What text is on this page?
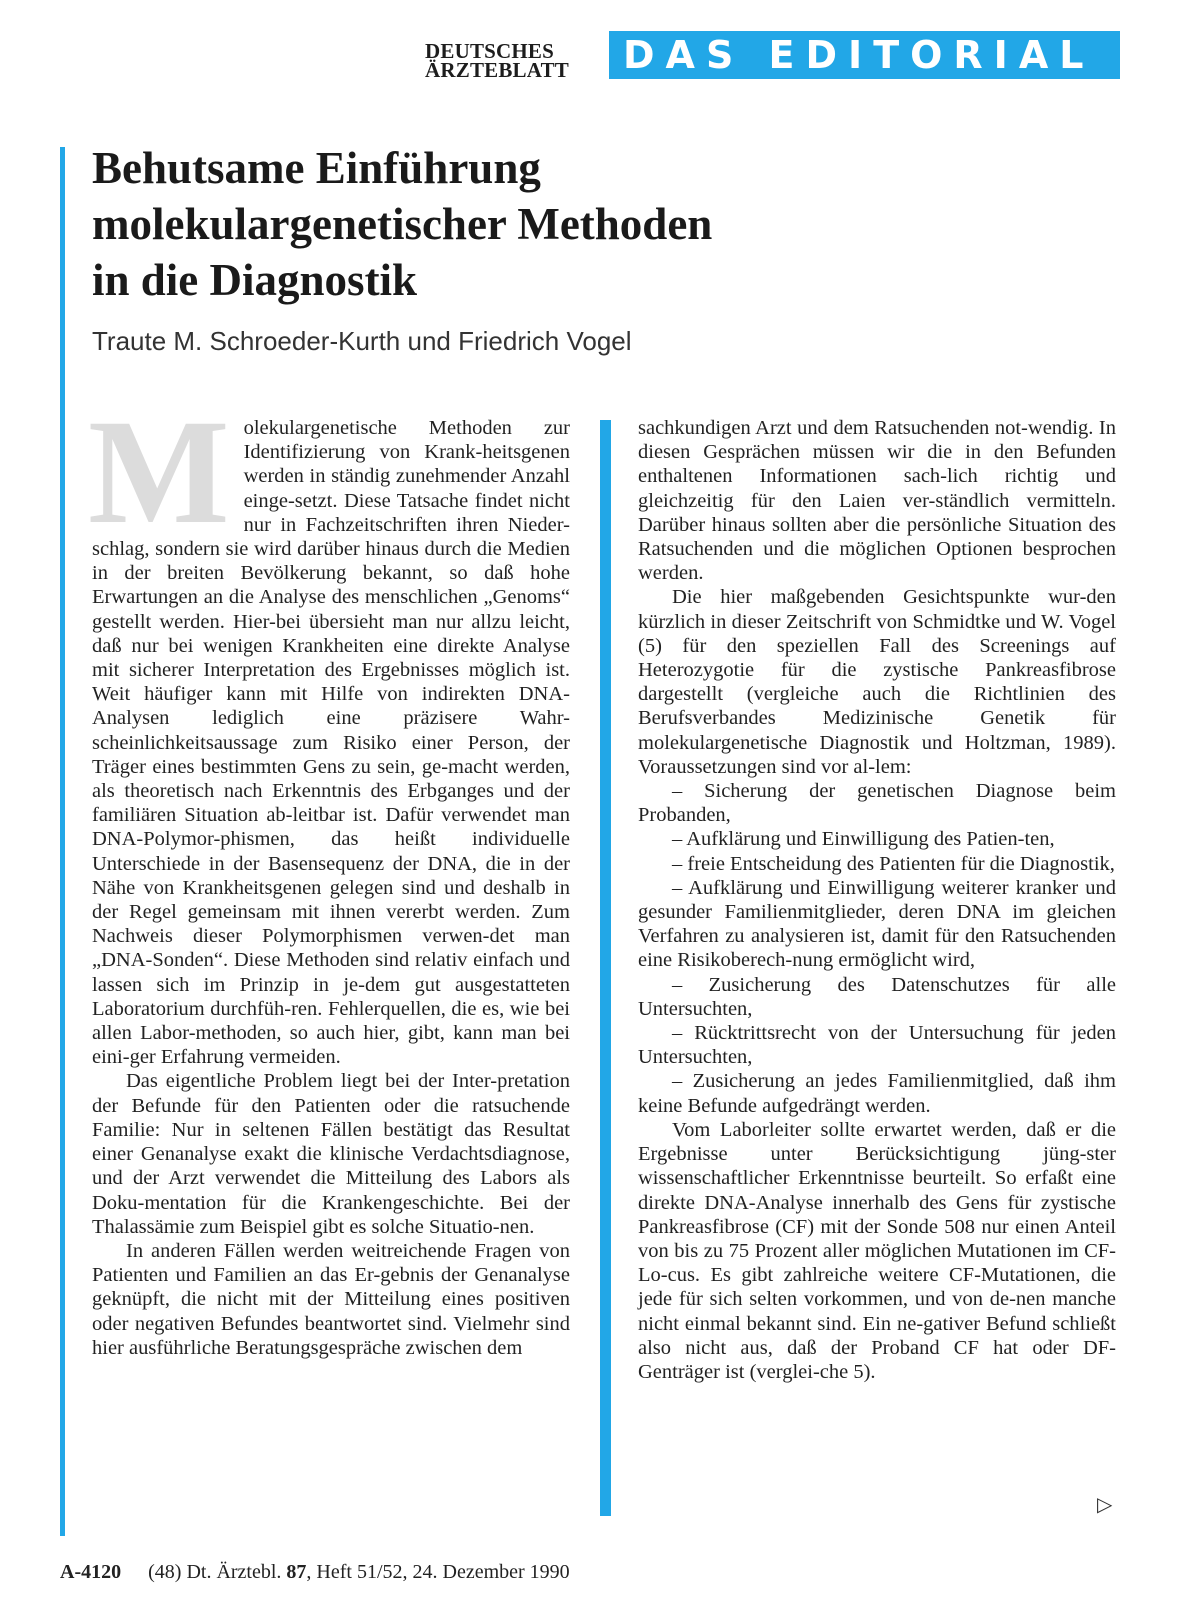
DEUTSCHES
ÄRZTEBLATT	DAS EDITORIAL
Behutsame Einführung
molekulargenetischer Methoden
in die Diagnostik
Traute M. Schroeder-Kurth und Friedrich Vogel

Molekulargenetische Methoden zur Identifizierung von Krank-heitsgenen werden in ständig zunehmender Anzahl einge-setzt. Diese Tatsache findet nicht nur in Fachzeitschriften ihren Nieder-schlag, sondern sie wird darüber hinaus durch die Medien in der breiten Bevölkerung bekannt, so daß hohe Erwartungen an die Analyse des menschlichen „Genoms“ gestellt werden. Hier-bei übersieht man nur allzu leicht, daß nur bei wenigen Krankheiten eine direkte Analyse mit sicherer Interpretation des Ergebnisses möglich ist. Weit häufiger kann mit Hilfe von indirekten DNA-Analysen lediglich eine präzisere Wahr-scheinlichkeitsaussage zum Risiko einer Person, der Träger eines bestimmten Gens zu sein, ge-macht werden, als theoretisch nach Erkenntnis des Erbganges und der familiären Situation ab-leitbar ist. Dafür verwendet man DNA-Polymor-phismen, das heißt individuelle Unterschiede in der Basensequenz der DNA, die in der Nähe von Krankheitsgenen gelegen sind und deshalb in der Regel gemeinsam mit ihnen vererbt werden. Zum Nachweis dieser Polymorphismen verwen-det man „DNA-Sonden“. Diese Methoden sind relativ einfach und lassen sich im Prinzip in je-dem gut ausgestatteten Laboratorium durchfüh-ren. Fehlerquellen, die es, wie bei allen Labor-methoden, so auch hier, gibt, kann man bei eini-ger Erfahrung vermeiden.

Das eigentliche Problem liegt bei der Inter-pretation der Befunde für den Patienten oder die ratsuchende Familie: Nur in seltenen Fällen bestätigt das Resultat einer Genanalyse exakt die klinische Verdachtsdiagnose, und der Arzt verwendet die Mitteilung des Labors als Doku-mentation für die Krankengeschichte. Bei der Thalassämie zum Beispiel gibt es solche Situatio-nen.

In anderen Fällen werden weitreichende Fragen von Patienten und Familien an das Er-gebnis der Genanalyse geknüpft, die nicht mit der Mitteilung eines positiven oder negativen Befundes beantwortet sind. Vielmehr sind hier ausführliche Beratungsgespräche zwischen dem

sachkundigen Arzt und dem Ratsuchenden not-wendig. In diesen Gesprächen müssen wir die in den Befunden enthaltenen Informationen sach-lich richtig und gleichzeitig für den Laien ver-ständlich vermitteln. Darüber hinaus sollten aber die persönliche Situation des Ratsuchenden und die möglichen Optionen besprochen werden.

Die hier maßgebenden Gesichtspunkte wur-den kürzlich in dieser Zeitschrift von Schmidtke und W. Vogel (5) für den speziellen Fall des Screenings auf Heterozygotie für die zystische Pankreasfibrose dargestellt (vergleiche auch die Richtlinien des Berufsverbandes Medizinische Genetik für molekulargenetische Diagnostik und Holtzman, 1989). Voraussetzungen sind vor al-lem:

– Sicherung der genetischen Diagnose beim Probanden,

– Aufklärung und Einwilligung des Patien-ten,

– freie Entscheidung des Patienten für die Diagnostik,

– Aufklärung und Einwilligung weiterer kranker und gesunder Familienmitglieder, deren DNA im gleichen Verfahren zu analysieren ist, damit für den Ratsuchenden eine Risikoberech-nung ermöglicht wird,

– Zusicherung des Datenschutzes für alle Untersuchten,

– Rücktrittsrecht von der Untersuchung für jeden Untersuchten,

– Zusicherung an jedes Familienmitglied, daß ihm keine Befunde aufgedrängt werden.

Vom Laborleiter sollte erwartet werden, daß er die Ergebnisse unter Berücksichtigung jüng-ster wissenschaftlicher Erkenntnisse beurteilt. So erfaßt eine direkte DNA-Analyse innerhalb des Gens für zystische Pankreasfibrose (CF) mit der Sonde 508 nur einen Anteil von bis zu 75 Prozent aller möglichen Mutationen im CF-Lo-cus. Es gibt zahlreiche weitere CF-Mutationen, die jede für sich selten vorkommen, und von de-nen manche nicht einmal bekannt sind. Ein ne-gativer Befund schließt also nicht aus, daß der Proband CF hat oder DF-Genträger ist (verglei-che 5).

▷
A-4120 (48) Dt. Ärztebl. 87, Heft 51/52, 24. Dezember 1990
